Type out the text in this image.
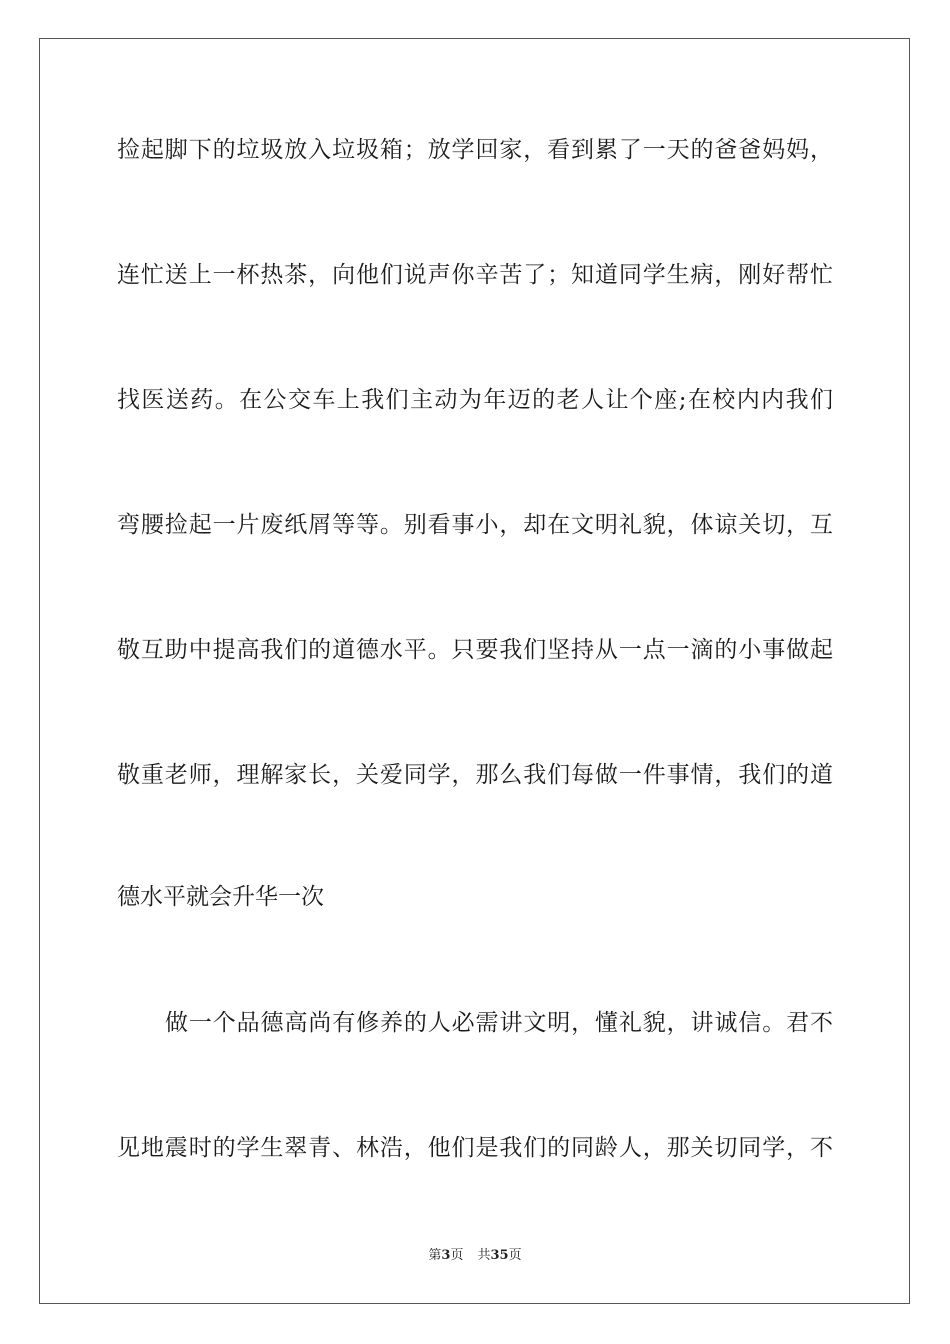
捡起脚下的垃圾放入垃圾箱；放学回家，看到累了一天的爸爸妈妈，
连忙送上一杯热茶，向他们说声你辛苦了；知道同学生病，刚好帮忙
找医送药。在公交车上我们主动为年迈的老人让个座;在校内内我们
弯腰捡起一片废纸屑等等。别看事小，却在文明礼貌，体谅关切，互
敬互助中提高我们的道德水平。只要我们坚持从一点一滴的小事做起
敬重老师，理解家长，关爱同学，那么我们每做一件事情，我们的道
德水平就会升华一次
做一个品德高尚有修养的人必需讲文明，懂礼貌，讲诚信。君不
见地震时的学生翠青、林浩，他们是我们的同龄人，那关切同学，不
第3页 共35页
